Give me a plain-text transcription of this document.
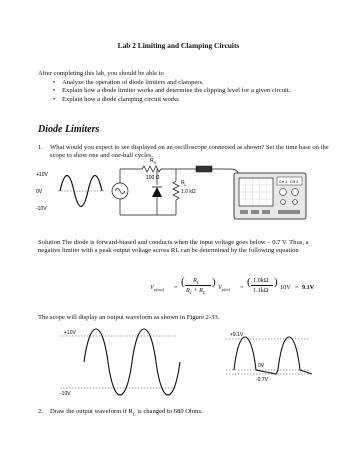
Lab 2 Limiting and Clamping Circuits
After completing this lab, you should be able to
• Analyze the operation of diode limiters and clampers.
• Explain how a diode limiter works and determine the clipping level for a given circuit.
• Explain how a diode clamping circuit works
Diode Limiters
1.	What would you expect to see displayed on an oscilloscope connected as shown? Set the time base on the scope to show one and one-half cycles.
+10V
0V
-10V
R S
100 Ω
R L
1.0 kΩ
CH 1 CH 2
Solution The diode is forward-biased and conducts when the input voltage goes below – 0.7 V. Thus, a negative limiter with a peak output voltage across RL can be determined by the following equation
$V_{p(out)}$ = ( $R_L$
$R_1 + R_L$
) $V_{p(in)}$ = ( 1.0kΩ
1.1kΩ
) 10V = 9.1V
The scope will display an output waveform as shown in Figure 2-33.
+10V
-10V
+9.1V
0V
-0.7V
2.	Draw the output waveform if $R_L$ is changed to 680 Ohms.
